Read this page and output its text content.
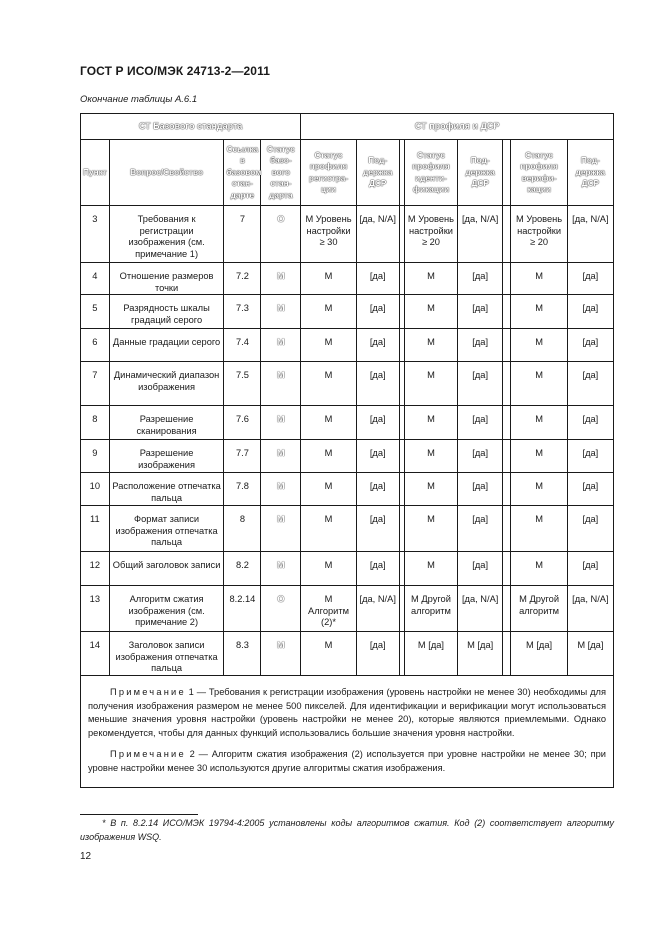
ГОСТ Р ИСО/МЭК 24713-2—2011
Окончание таблицы А.6.1
СТ Базового стандарта				СТ профиля и ДСР							
Пункт	Вопрос/Свойство	Ссылка в базовом стан-дарте	Статус базо-вого стан-дарта	Статус профиля регистра-ции	Под-держка ДСР		Статус профиля иденти-фикации	Под-держка ДСР		Статус профиля верифи-кации	Под-держка ДСР
3	Требования к регистрации изображения (см. примечание 1)	7	O	M Уровень настройки ≥ 30	[да, N/A]		M Уровень настройки ≥ 20	[да, N/A]		M Уровень настройки ≥ 20	[да, N/A]
4	Отношение размеров точки	7.2	M	M	[да]		M	[да]		M	[да]
5	Разрядность шкалы градаций серого	7.3	M	M	[да]		M	[да]		M	[да]
6	Данные градации серого	7.4	M	M	[да]		M	[да]		M	[да]
7	Динамический диапазон изображения	7.5	M	M	[да]		M	[да]		M	[да]
8	Разрешение сканирования	7.6	M	M	[да]		M	[да]		M	[да]
9	Разрешение изображения	7.7	M	M	[да]		M	[да]		M	[да]
10	Расположение отпечатка пальца	7.8	M	M	[да]		M	[да]		M	[да]
11	Формат записи изображения отпечатка пальца	8	M	M	[да]		M	[да]		M	[да]
12	Общий заголовок записи	8.2	M	M	[да]		M	[да]		M	[да]
13	Алгоритм сжатия изображения (см. примечание 2)	8.2.14	O	M Алгоритм (2)*	[да, N/A]		M Другой алгоритм	[да, N/A]		M Другой алгоритм	[да, N/A]
14	Заголовок записи изображения отпечатка пальца	8.3	M	M	[да]		M [да]	M [да]		M [да]	M [да]

Примечание 1 — Требования к регистрации изображения (уровень настройки не менее 30) необходимы для получения изображения размером не менее 500 пикселей. Для идентификации и верификации могут использоваться меньшие значения уровня настройки (уровень настройки не менее 20), которые являются приемлемыми. Однако рекомендуется, чтобы для данных функций использовались большие значения уровня настройки.

Примечание 2 — Алгоритм сжатия изображения (2) используется при уровне настройки не менее 30; при уровне настройки менее 30 используются другие алгоритмы сжатия изображения.											

* В п. 8.2.14 ИСО/МЭК 19794-4:2005 установлены коды алгоритмов сжатия. Код (2) соответствует алгоритму изображения WSQ.
12
